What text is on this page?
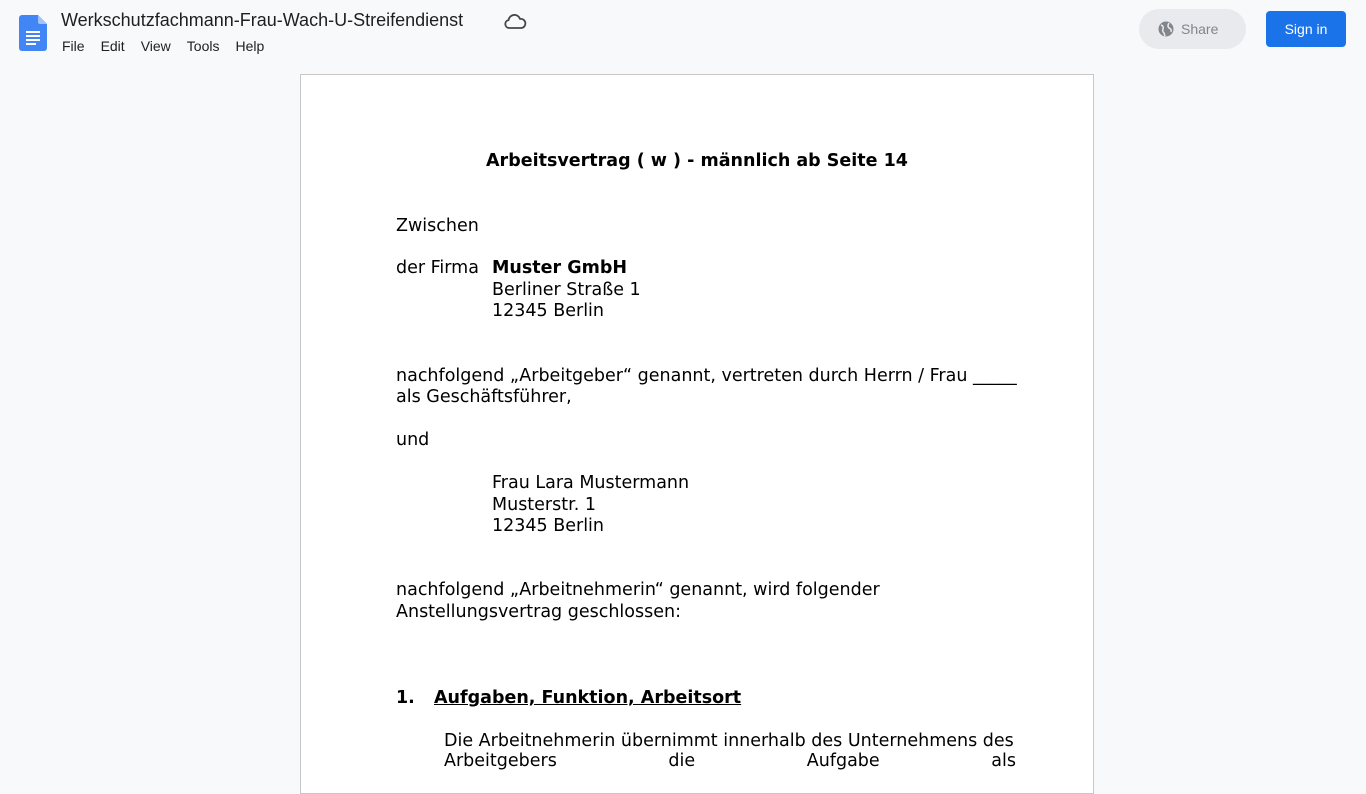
Werkschutzfachmann-Frau-Wach-U-Streifendienst
File	Edit	View	Tools	Help
Share	Sign in
Arbeitsvertrag ( w ) - männlich ab Seite 14
Zwischen
der Firma Muster GmbH
Berliner Straße 1
12345 Berlin
nachfolgend „Arbeitgeber“ genannt, vertreten durch Herrn / Frau _____
als Geschäftsführer,
und
Frau Lara Mustermann
Musterstr. 1
12345 Berlin
nachfolgend „Arbeitnehmerin“ genannt, wird folgender
Anstellungsvertrag geschlossen:
1. Aufgaben, Funktion, Arbeitsort
Die Arbeitnehmerin übernimmt innerhalb des Unternehmens des
Arbeitgebers	die	Aufgabe	als
